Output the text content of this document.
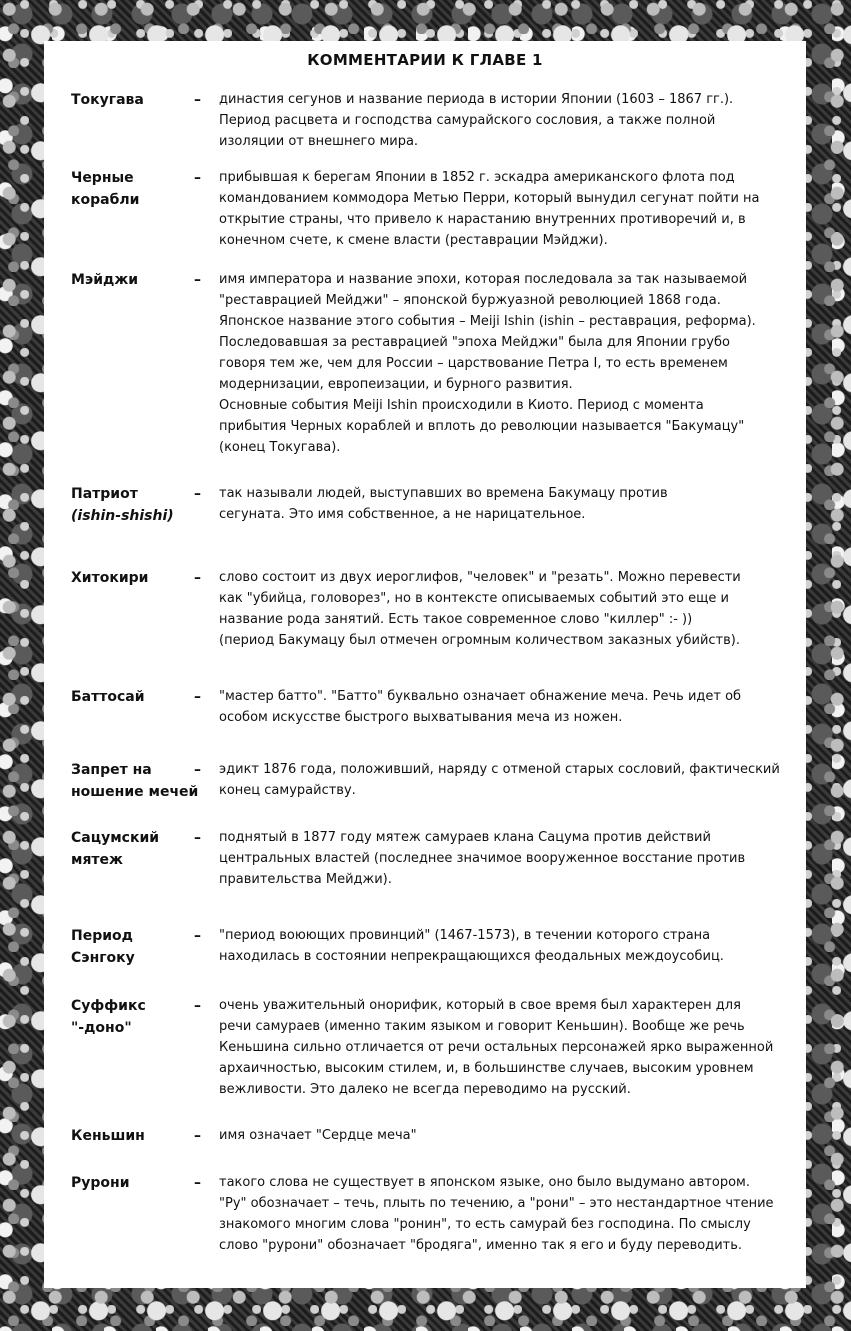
КОММЕНТАРИИ К ГЛАВЕ 1
Токугава	– династия сегунов и название периода в истории Японии (1603 – 1867 гг.).
Период расцвета и господства самурайского сословия, а также полной
изоляции от внешнего мира.
Черные
корабли
– прибывшая к берегам Японии в 1852 г. эскадра американского флота под
командованием коммодора Метью Перри, который вынудил сегунат пойти на
открытие страны, что привело к нарастанию внутренних противоречий и, в
конечном счете, к смене власти (реставрации Мэйджи).
Мэйджи	– имя императора и название эпохи, которая последовала за так называемой
"реставрацией Мейджи" – японской буржуазной революцией 1868 года.
Японское название этого события – Meiji Ishin (ishin – реставрация, реформа).
Последовавшая за реставрацией "эпоха Мейджи" была для Японии грубо
говоря тем же, чем для России – царствование Петра I, то есть временем
модернизации, европеизации, и бурного развития.
Основные события Meiji Ishin происходили в Киото. Период с момента
прибытия Черных кораблей и вплоть до революции называется "Бакумацу"
(конец Токугава).
Патриот
(ishin-shishi)
– так называли людей, выступавших во времена Бакумацу против
сегуната. Это имя собственное, а не нарицательное.
Хитокири	– слово состоит из двух иероглифов, "человек" и "резать". Можно перевести
как "убийца, головорез", но в контексте описываемых событий это еще и
название рода занятий. Есть такое современное слово "киллер" :- ))
(период Бакумацу был отмечен огромным количеством заказных убийств).
Баттосай	– "мастер батто". "Батто" буквально означает обнажение меча. Речь идет об
особом искусстве быстрого выхватывания меча из ножен.
Запрет на
ношение мечей
– эдикт 1876 года, положивший, наряду с отменой старых сословий, фактический
конец самурайству.
Сацумский
мятеж
– поднятый в 1877 году мятеж самураев клана Сацума против действий
центральных властей (последнее значимое вооруженное восстание против
правительства Мейджи).
Период
Сэнгоку
– "период воюющих провинций" (1467-1573), в течении которого страна
находилась в состоянии непрекращающихся феодальных междоусобиц.
Суффикс
"-доно"
– очень уважительный онорифик, который в свое время был характерен для
речи самураев (именно таким языком и говорит Кеньшин). Вообще же речь
Кеньшина сильно отличается от речи остальных персонажей ярко выраженной
архаичностью, высоким стилем, и, в большинстве случаев, высоким уровнем
вежливости. Это далеко не всегда переводимо на русский.
Кеньшин	– имя означает "Сердце меча"
Рурони	– такого слова не существует в японском языке, оно было выдумано автором.
"Ру" обозначает – течь, плыть по течению, а "рони" – это нестандартное чтение
знакомого многим слова "ронин", то есть самурай без господина. По смыслу
слово "рурони" обозначает "бродяга", именно так я его и буду переводить.
